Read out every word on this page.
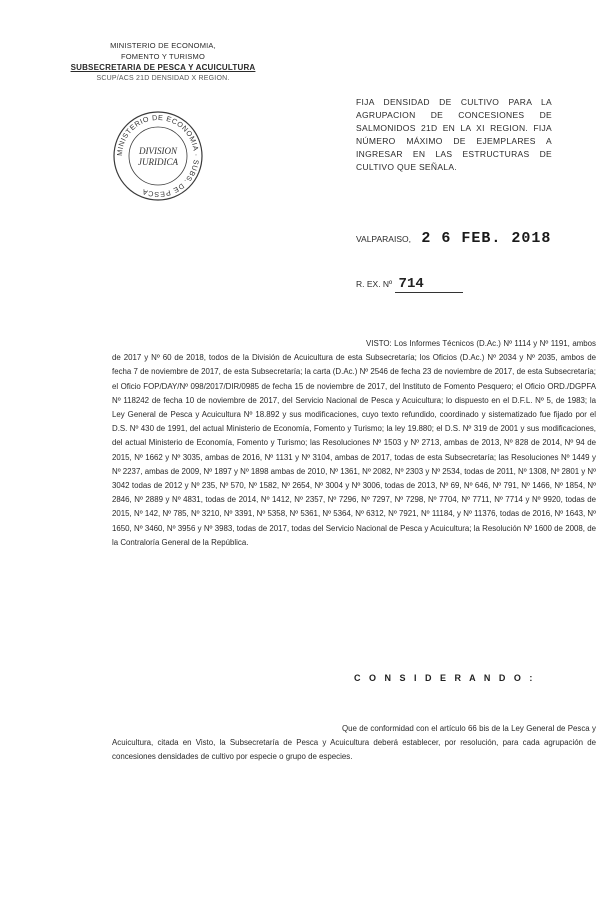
MINISTERIO DE ECONOMIA,
FOMENTO Y TURISMO
SUBSECRETARIA DE PESCA Y ACUICULTURA
SCUP/ACS 21D DENSIDAD X REGION.
MINISTERIO DE ECONOMIA · SUBS. DE PESCA
DIVISION
JURIDICA
FIJA DENSIDAD DE CULTIVO PARA LA AGRUPACION DE CONCESIONES DE SALMONIDOS 21D EN LA XI REGION. FIJA NÚMERO MÁXIMO DE EJEMPLARES A INGRESAR EN LAS ESTRUCTURAS DE CULTIVO QUE SEÑALA.
VALPARAISO, 2 6 FEB. 2018
R. EX. Nº 714
VISTO: Los Informes Técnicos (D.Ac.) Nº 1114 y Nº 1191, ambos de 2017 y Nº 60 de 2018, todos de la División de Acuicultura de esta Subsecretaría; los Oficios (D.Ac.) Nº 2034 y Nº 2035, ambos de fecha 7 de noviembre de 2017, de esta Subsecretaría; la carta (D.Ac.) Nº 2546 de fecha 23 de noviembre de 2017, de esta Subsecretaría; el Oficio FOP/DAY/Nº 098/2017/DIR/0985 de fecha 15 de noviembre de 2017, del Instituto de Fomento Pesquero; el Oficio ORD./DGPFA Nº 118242 de fecha 10 de noviembre de 2017, del Servicio Nacional de Pesca y Acuicultura; lo dispuesto en el D.F.L. Nº 5, de 1983; la Ley General de Pesca y Acuicultura Nº 18.892 y sus modificaciones, cuyo texto refundido, coordinado y sistematizado fue fijado por el D.S. Nº 430 de 1991, del actual Ministerio de Economía, Fomento y Turismo; la ley 19.880; el D.S. Nº 319 de 2001 y sus modificaciones, del actual Ministerio de Economía, Fomento y Turismo; las Resoluciones Nº 1503 y Nº 2713, ambas de 2013, Nº 828 de 2014, Nº 94 de 2015, Nº 1662 y Nº 3035, ambas de 2016, Nº 1131 y Nº 3104, ambas de 2017, todas de esta Subsecretaría; las Resoluciones Nº 1449 y Nº 2237, ambas de 2009, Nº 1897 y Nº 1898 ambas de 2010, Nº 1361, Nº 2082, Nº 2303 y Nº 2534, todas de 2011, Nº 1308, Nº 2801 y Nº 3042 todas de 2012 y Nº 235, Nº 570, Nº 1582, Nº 2654, Nº 3004 y Nº 3006, todas de 2013, Nº 69, Nº 646, Nº 791, Nº 1466, Nº 1854, Nº 2846, Nº 2889 y Nº 4831, todas de 2014, Nº 1412, Nº 2357, Nº 7296, Nº 7297, Nº 7298, Nº 7704, Nº 7711, Nº 7714 y Nº 9920, todas de 2015, Nº 142, Nº 785, Nº 3210, Nº 3391, Nº 5358, Nº 5361, Nº 5364, Nº 6312, Nº 7921, Nº 11184, y Nº 11376, todas de 2016, Nº 1643, Nº 1650, Nº 3460, Nº 3956 y Nº 3983, todas de 2017, todas del Servicio Nacional de Pesca y Acuicultura; la Resolución Nº 1600 de 2008, de la Contraloría General de la República.
C O N S I D E R A N D O :
Que de conformidad con el artículo 66 bis de la Ley General de Pesca y Acuicultura, citada en Visto, la Subsecretaría de Pesca y Acuicultura deberá establecer, por resolución, para cada agrupación de concesiones densidades de cultivo por especie o grupo de especies.
